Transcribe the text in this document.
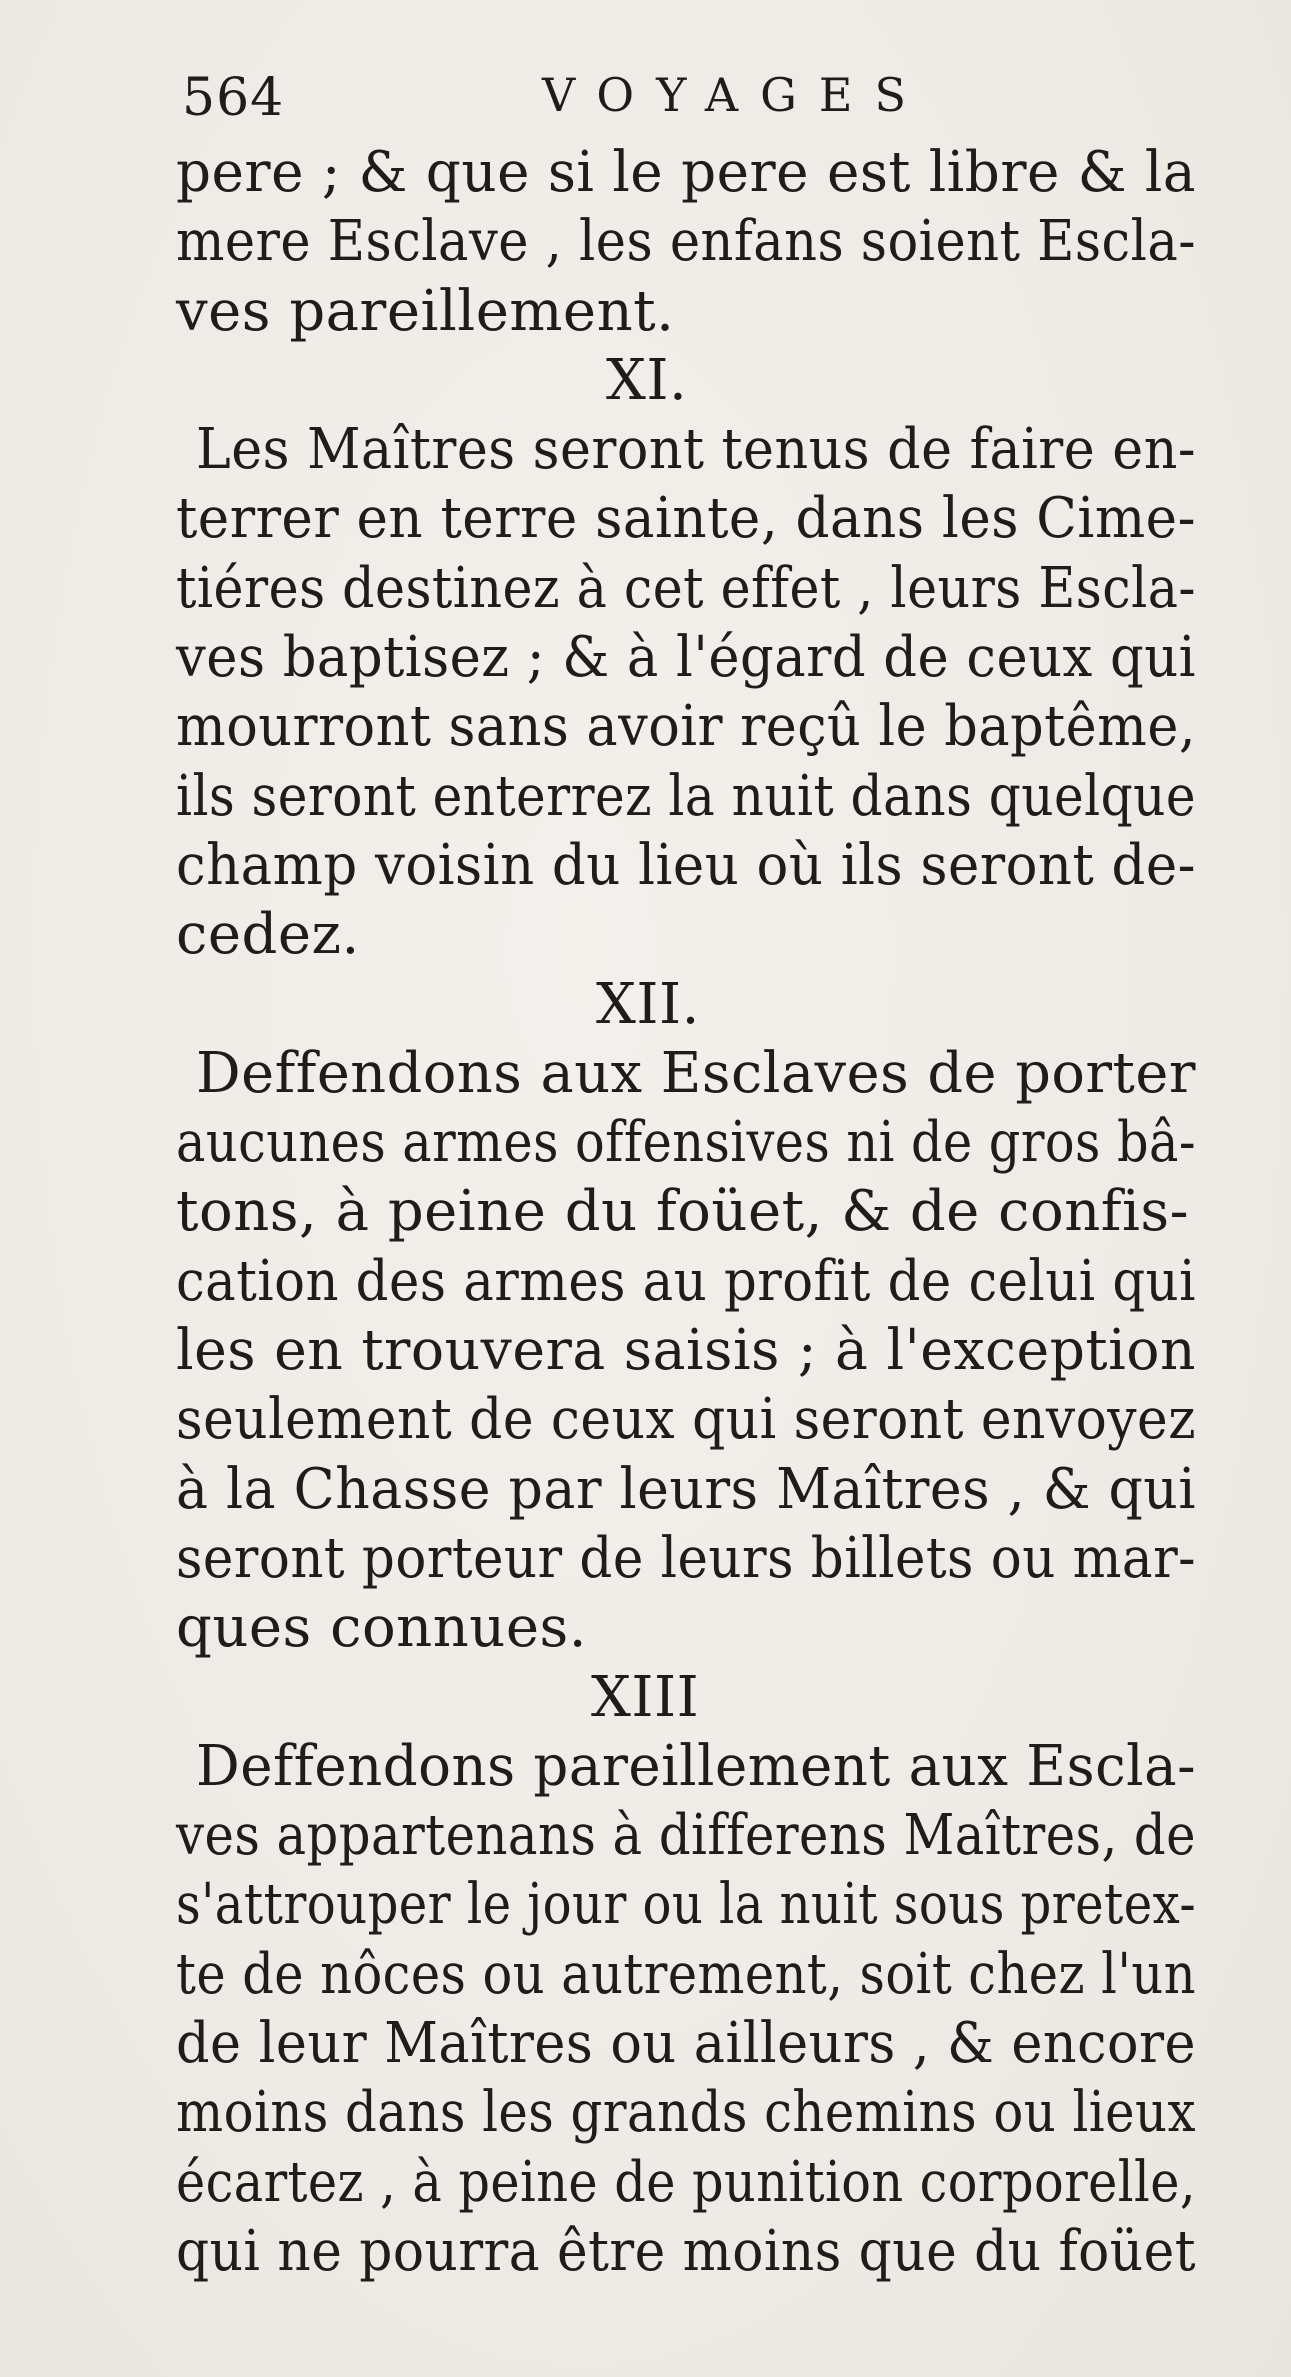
564	VOYAGES
pere ; & que si le pere est libre & la
mere Esclave , les enfans soient Escla-
ves pareillement.
XI.
Les Maîtres seront tenus de faire en-
terrer en terre sainte, dans les Cime-
tiéres destinez à cet effet , leurs Escla-
ves baptisez ; & à l'égard de ceux qui
mourront sans avoir reçû le baptême,
ils seront enterrez la nuit dans quelque
champ voisin du lieu où ils seront de-
cedez.
XII.
Deffendons aux Esclaves de porter
aucunes armes offensives ni de gros bâ-
tons, à peine du foüet, & de confis-
cation des armes au profit de celui qui
les en trouvera saisis ; à l'exception
seulement de ceux qui seront envoyez
à la Chasse par leurs Maîtres , & qui
seront porteur de leurs billets ou mar-
ques connues.
XIII
Deffendons pareillement aux Escla-
ves appartenans à differens Maîtres, de
s'attrouper le jour ou la nuit sous pretex-
te de nôces ou autrement, soit chez l'un
de leur Maîtres ou ailleurs , & encore
moins dans les grands chemins ou lieux
écartez , à peine de punition corporelle,
qui ne pourra être moins que du foüet
